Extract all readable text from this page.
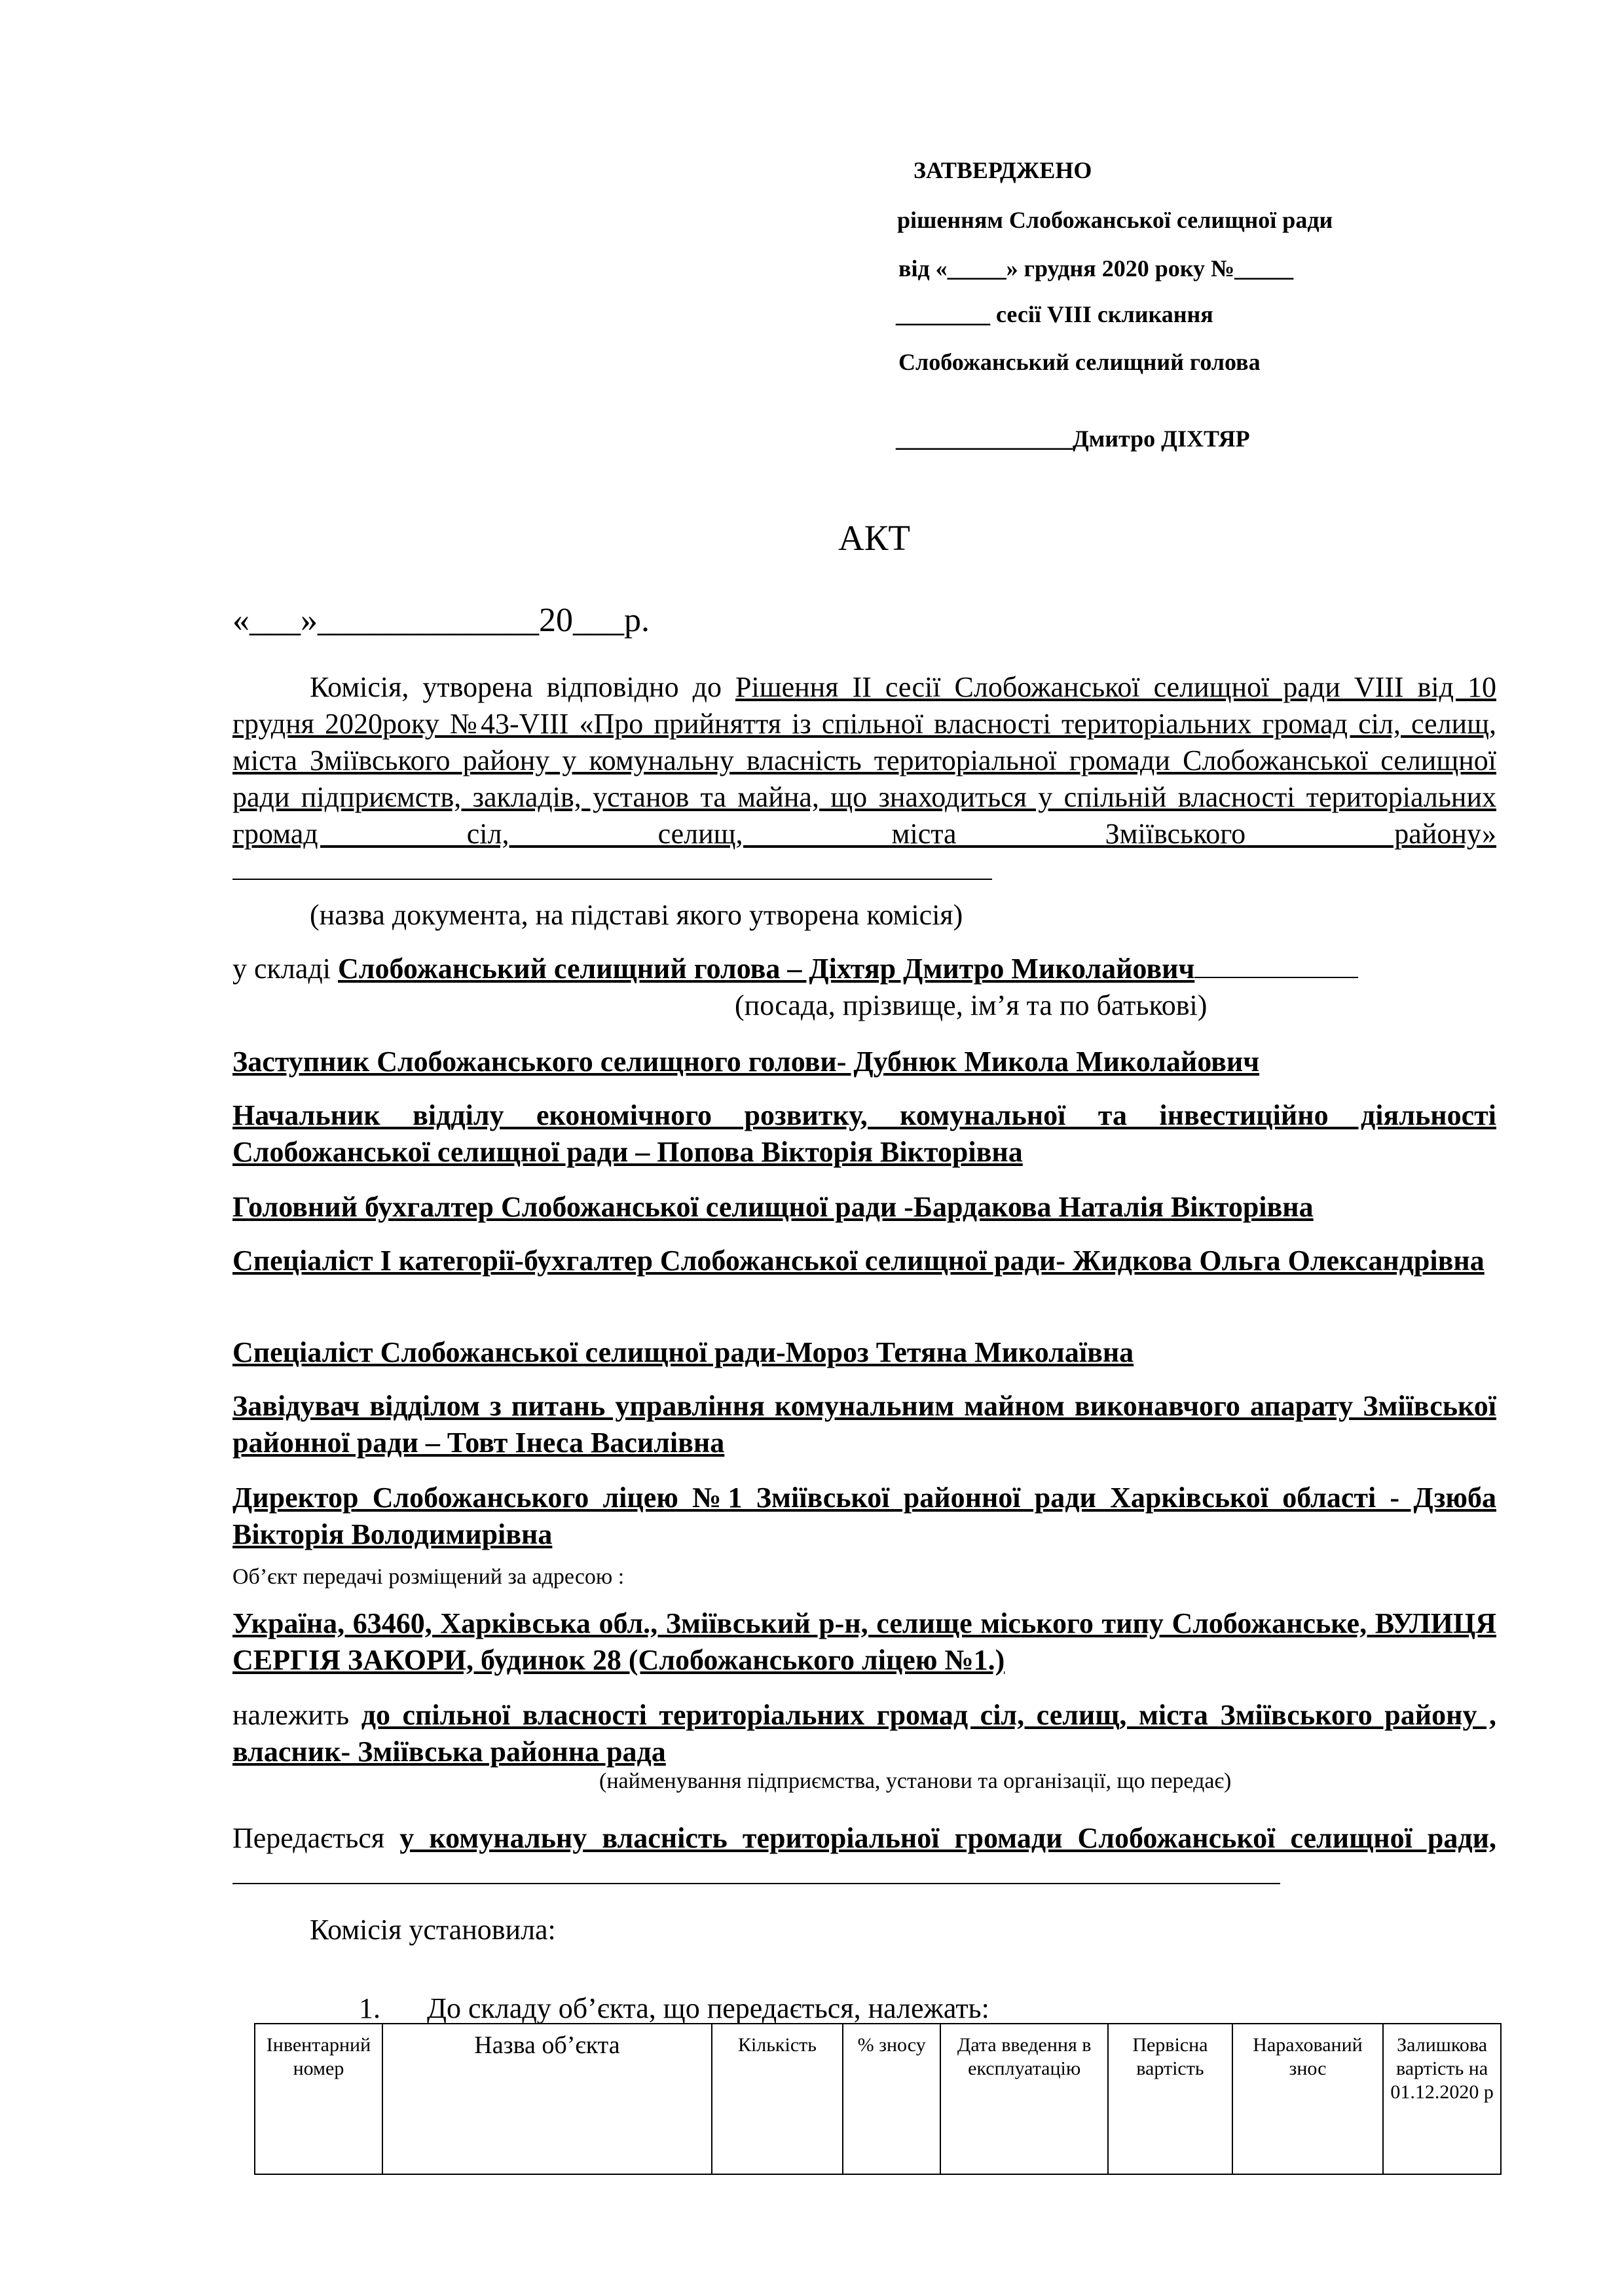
ЗАТВЕРДЖЕНО
рішенням Слобожанської селищної ради
від «_____» грудня 2020 року №_____
________ сесії VIII скликання
Слобожанський селищний голова
_______________Дмитро ДІХТЯР
АКТ
«___»_____________20___р.
Комісія, утворена відповідно до Рішення II сесії Слобожанської селищної ради VIII від 10 грудня 2020року №43-VIII «Про прийняття із спільної власності територіальних громад сіл, селищ, міста Зміївського району у комунальну власність територіальної громади Слобожанської селищної ради підприємств, закладів, установ та майна, що знаходиться у спільній власності територіальних громад сіл, селищ, міста Зміївського району»
(назва документа, на підставі якого утворена комісія)
у складі Слобожанський селищний голова – Діхтяр Дмитро Миколайович
(посада, прізвище, ім’я та по батькові)
Заступник Слобожанського селищного голови- Дубнюк Микола Миколайович
Начальник відділу економічного розвитку, комунальної та інвестиційно діяльності Слобожанської селищної ради – Попова Вікторія Вікторівна
Головний бухгалтер Слобожанської селищної ради -Бардакова Наталія Вікторівна
Спеціаліст І категорії-бухгалтер Слобожанської селищної ради- Жидкова Ольга Олександрівна
Спеціаліст Слобожанської селищної ради-Мороз Тетяна Миколаївна
Завідувач відділом з питань управління комунальним майном виконавчого апарату Зміївської районної ради – Товт Інеса Василівна
Директор Слобожанського ліцею №1 Зміївської районної ради Харківської області - Дзюба Вікторія Володимирівна
Об’єкт передачі розміщений за адресою :
Україна, 63460, Харківська обл., Зміївський р-н, селище міського типу Слобожанське, ВУЛИЦЯ СЕРГІЯ ЗАКОРИ, будинок 28 (Слобожанського ліцею №1.)
належить до спільної власності територіальних громад сіл, селищ, міста Зміївського району , власник- Зміївська районна рада
(найменування підприємства, установи та організації, що передає)
Передається у комунальну власність територіальної громади Слобожанської селищної ради,
Комісія установила:
1. До складу об’єкта, що передається, належать:
Інвентарний номер	Назва об’єкта	Кількість	% зносу	Дата введення в експлуатацію	Первісна вартість	Нарахований знос	Залишкова вартість на 01.12.2020 р
